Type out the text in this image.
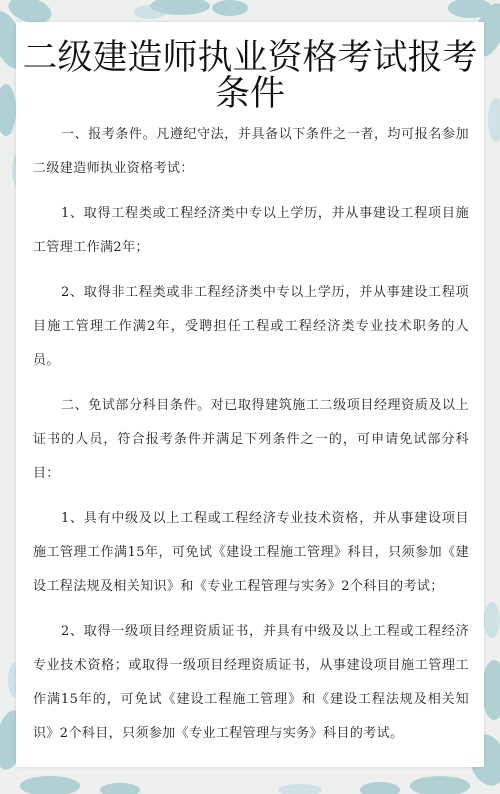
二级建造师执业资格考试报考
条件

一、报考条件。凡遵纪守法，并具备以下条件之一者，均可报名参加二级建造师执业资格考试：

1、取得工程类或工程经济类中专以上学历，并从事建设工程项目施工管理工作满2年；

2、取得非工程类或非工程经济类中专以上学历，并从事建设工程项目施工管理工作满2年，受聘担任工程或工程经济类专业技术职务的人员。

二、免试部分科目条件。对已取得建筑施工二级项目经理资质及以上证书的人员，符合报考条件并满足下列条件之一的，可申请免试部分科目：

1、具有中级及以上工程或工程经济专业技术资格，并从事建设项目施工管理工作满15年，可免试《建设工程施工管理》科目，只须参加《建设工程法规及相关知识》和《专业工程管理与实务》2个科目的考试；

2、取得一级项目经理资质证书，并具有中级及以上工程或工程经济专业技术资格；或取得一级项目经理资质证书，从事建设项目施工管理工作满15年的，可免试《建设工程施工管理》和《建设工程法规及相关知识》2个科目，只须参加《专业工程管理与实务》科目的考试。
